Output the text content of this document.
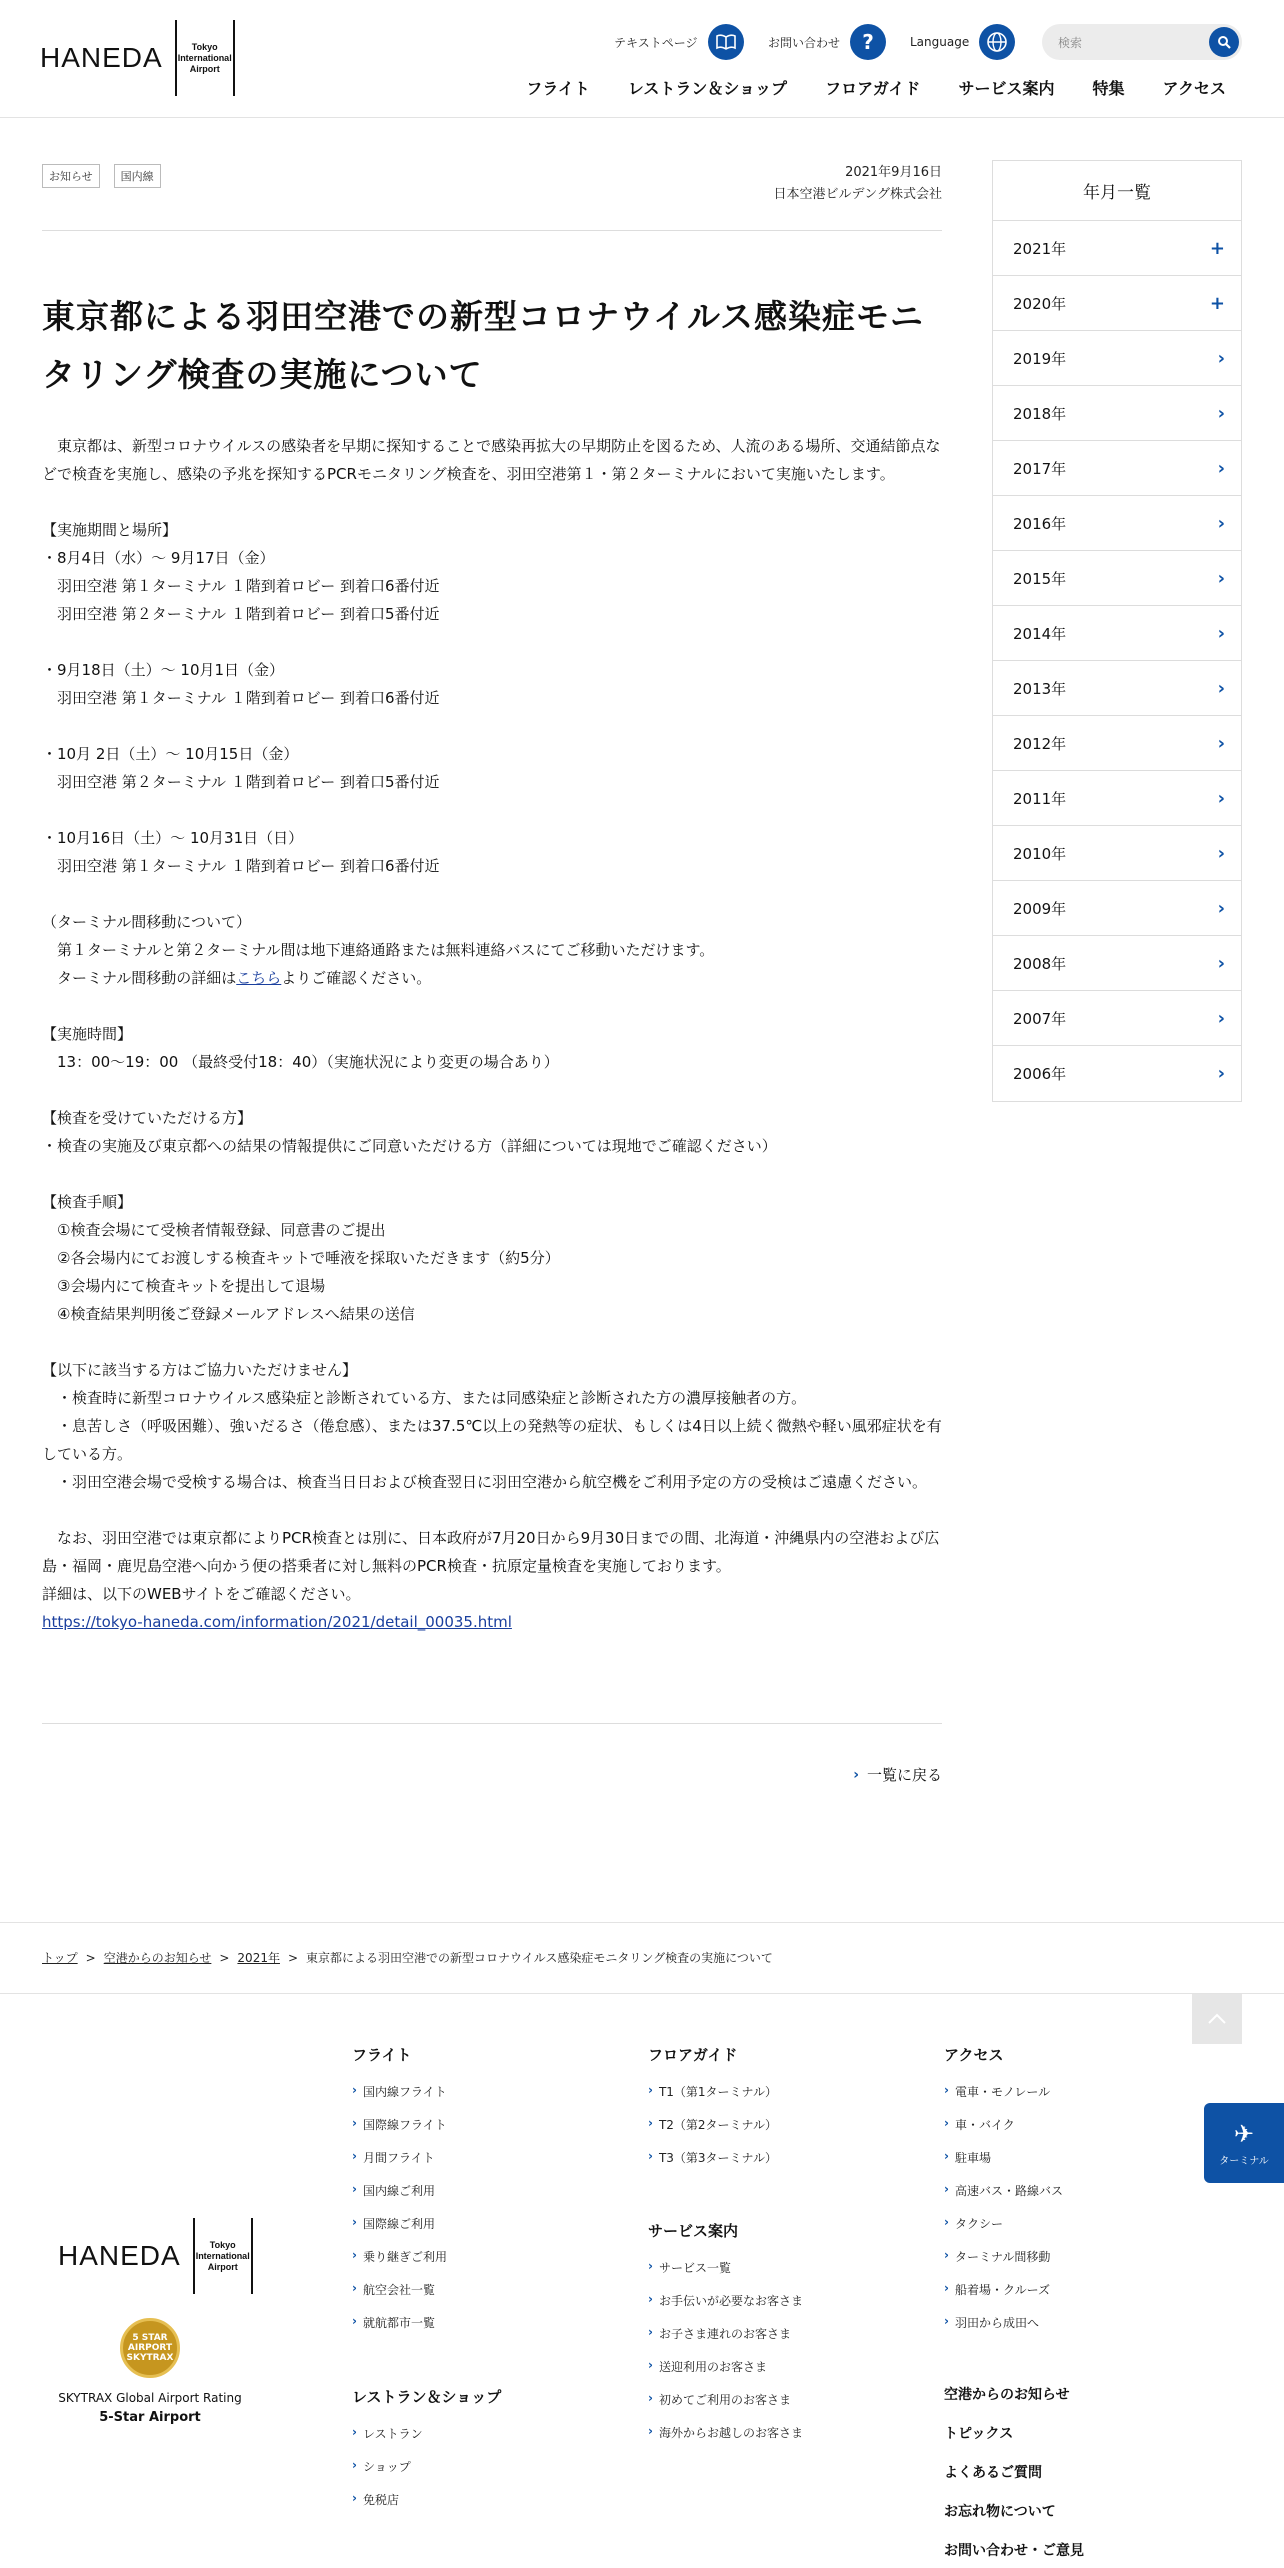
HANEDA	Tokyo International Airport
テキストページ	お問い合わせ	?	Language	検索
フライト レストラン＆ショップ フロアガイド サービス案内 特集 アクセス
お知らせ	国内線	2021年9月16日
日本空港ビルデング株式会社
東京都による羽田空港での新型コロナウイルス感染症モニタリング検査の実施について

　東京都は、新型コロナウイルスの感染者を早期に探知することで感染再拡大の早期防止を図るため、人流のある場所、交通結節点などで検査を実施し、感染の予兆を探知するPCRモニタリング検査を、羽田空港第１・第２ターミナルにおいて実施いたします。

【実施期間と場所】
・8月4日（水）～ 9月17日（金）
　羽田空港 第１ターミナル １階到着ロビー 到着口6番付近
　羽田空港 第２ターミナル １階到着ロビー 到着口5番付近

・9月18日（土）～ 10月1日（金）
　羽田空港 第１ターミナル １階到着ロビー 到着口6番付近

・10月 2日（土）～ 10月15日（金）
　羽田空港 第２ターミナル １階到着ロビー 到着口5番付近

・10月16日（土）～ 10月31日（日）
　羽田空港 第１ターミナル １階到着ロビー 到着口6番付近

（ターミナル間移動について）
　第１ターミナルと第２ターミナル間は地下連絡通路または無料連絡バスにてご移動いただけます。

　ターミナル間移動の詳細はこちらよりご確認ください。

【実施時間】
　13：00～19：00 （最終受付18：40）（実施状況により変更の場合あり）

【検査を受けていただける方】
・検査の実施及び東京都への結果の情報提供にご同意いただける方（詳細については現地でご確認ください）

【検査手順】
　①検査会場にて受検者情報登録、同意書のご提出
　②各会場内にてお渡しする検査キットで唾液を採取いただきます（約5分）
　③会場内にて検査キットを提出して退場
　④検査結果判明後ご登録メールアドレスへ結果の送信

【以下に該当する方はご協力いただけません】
　・検査時に新型コロナウイルス感染症と診断されている方、または同感染症と診断された方の濃厚接触者の方。
　・息苦しさ（呼吸困難）、強いだるさ（倦怠感）、または37.5℃以上の発熱等の症状、もしくは4日以上続く微熱や軽い風邪症状を有している方。
　・羽田空港会場で受検する場合は、検査当日日および検査翌日に羽田空港から航空機をご利用予定の方の受検はご遠慮ください。

　なお、羽田空港では東京都によりPCR検査とは別に、日本政府が7月20日から9月30日までの間、北海道・沖縄県内の空港および広島・福岡・鹿児島空港へ向かう便の搭乗者に対し無料のPCR検査・抗原定量検査を実施しております。
詳細は、以下のWEBサイトをご確認ください。

https://tokyo-haneda.com/information/2021/detail_00035.html

› 一覧に戻る
年月一覧
2021年	+
2020年	+
2019年	›
2018年	›
2017年	›
2016年	›
2015年	›
2014年	›
2013年	›
2012年	›
2011年	›
2010年	›
2009年	›
2008年	›
2007年	›
2006年	›
トップ > 空港からのお知らせ > 2021年 > 東京都による羽田空港での新型コロナウイルス感染症モニタリング検査の実施について
✈
ターミナル
HANEDA	Tokyo International Airport
5 STAR AIRPORT SKYTRAX
SKYTRAX Global Airport Rating
5-Star Airport
フライト
› 国内線フライト
› 国際線フライト
› 月間フライト
› 国内線ご利用
› 国際線ご利用
› 乗り継ぎご利用
› 航空会社一覧
› 就航都市一覧
レストラン＆ショップ
› レストラン
› ショップ
› 免税店
フロアガイド
› T1（第1ターミナル）
› T2（第2ターミナル）
› T3（第3ターミナル）
サービス案内
› サービス一覧
› お手伝いが必要なお客さま
› お子さま連れのお客さま
› 送迎利用のお客さま
› 初めてご利用のお客さま
› 海外からお越しのお客さま
アクセス
› 電車・モノレール
› 車・バイク
› 駐車場
› 高速バス・路線バス
› タクシー
› ターミナル間移動
› 船着場・クルーズ
› 羽田から成田へ
空港からのお知らせ
トピックス
よくあるご質問
お忘れ物について
お問い合わせ・ご意見
